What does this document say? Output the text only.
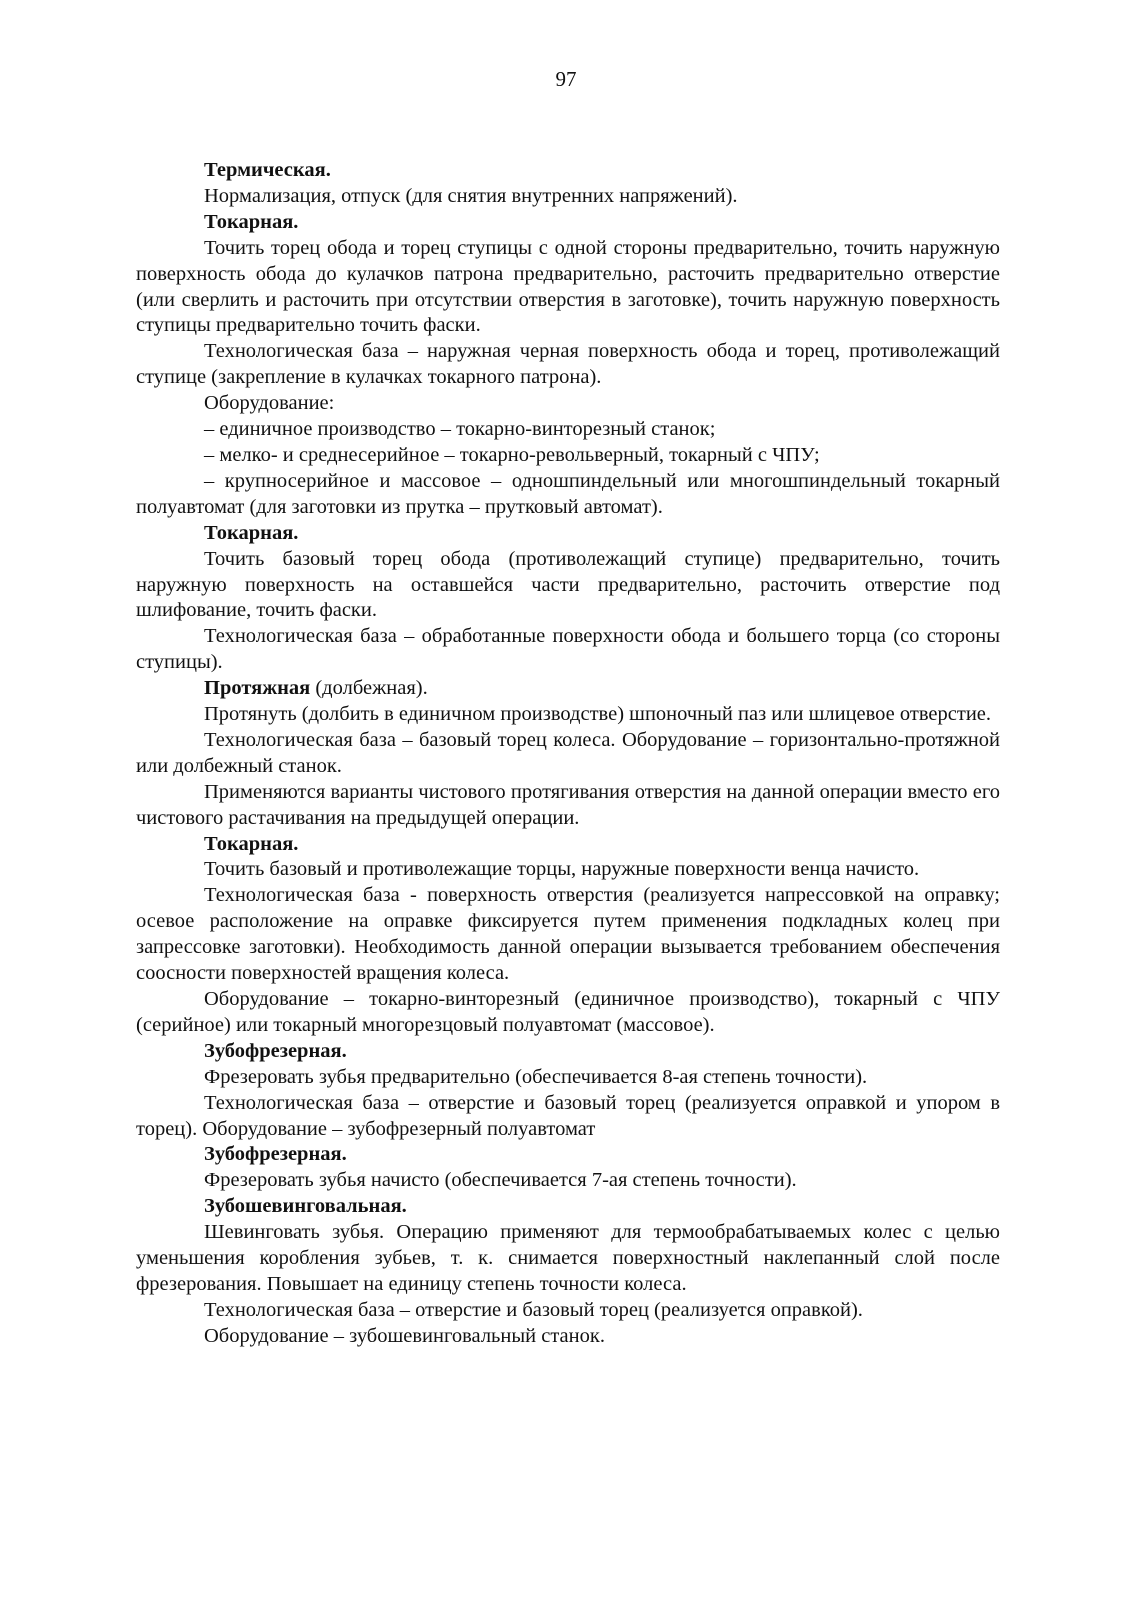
97

Термическая.

Нормализация, отпуск (для снятия внутренних напряжений).

Токарная.

Точить торец обода и торец ступицы с одной стороны предварительно, точить наружную поверхность обода до кулачков патрона предварительно, расточить предварительно отверстие (или сверлить и расточить при отсутствии отверстия в заготовке), точить наружную поверхность ступицы предварительно точить фаски.

Технологическая база – наружная черная поверхность обода и торец, противолежащий ступице (закрепление в кулачках токарного патрона).

Оборудование:

– единичное производство – токарно-винторезный станок;

– мелко- и среднесерийное – токарно-револьверный, токарный с ЧПУ;

– крупносерийное и массовое – одношпиндельный или многошпиндельный токарный полуавтомат (для заготовки из прутка – прутковый автомат).

Токарная.

Точить базовый торец обода (противолежащий ступице) предварительно, точить наружную поверхность на оставшейся части предварительно, расточить отверстие под шлифование, точить фаски.

Технологическая база – обработанные поверхности обода и большего торца (со стороны ступицы).

Протяжная (долбежная).

Протянуть (долбить в единичном производстве) шпоночный паз или шлицевое отверстие.

Технологическая база – базовый торец колеса. Оборудование – горизонтально-протяжной или долбежный станок.

Применяются варианты чистового протягивания отверстия на данной операции вместо его чистового растачивания на предыдущей операции.

Токарная.

Точить базовый и противолежащие торцы, наружные поверхности венца начисто.

Технологическая база - поверхность отверстия (реализуется напрессовкой на оправку; осевое расположение на оправке фиксируется путем применения подкладных колец при запрессовке заготовки). Необходимость данной операции вызывается требованием обеспечения соосности поверхностей вращения колеса.

Оборудование – токарно-винторезный (единичное производство), токарный с ЧПУ (серийное) или токарный многорезцовый полуавтомат (массовое).

Зубофрезерная.

Фрезеровать зубья предварительно (обеспечивается 8-ая степень точности).

Технологическая база – отверстие и базовый торец (реализуется оправкой и упором в торец). Оборудование – зубофрезерный полуавтомат

Зубофрезерная.

Фрезеровать зубья начисто (обеспечивается 7-ая степень точности).

Зубошевинговальная.

Шевинговать зубья. Операцию применяют для термообрабатываемых колес с целью уменьшения коробления зубьев, т. к. снимается поверхностный наклепанный слой после фрезерования. Повышает на единицу степень точности колеса.

Технологическая база – отверстие и базовый торец (реализуется оправкой).

Оборудование – зубошевинговальный станок.
